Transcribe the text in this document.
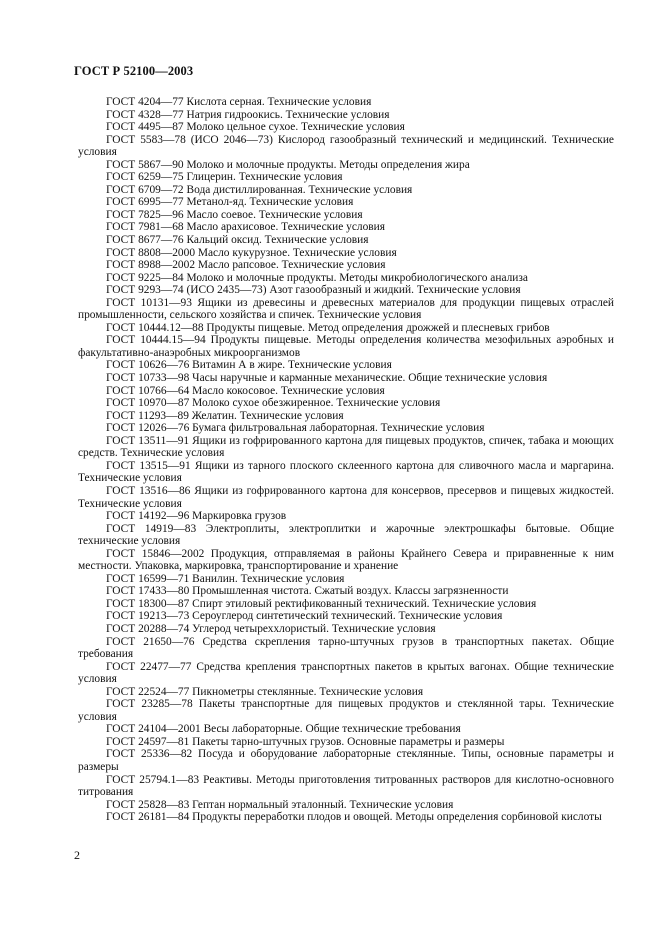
ГОСТ Р 52100—2003

ГОСТ 4204—77 Кислота серная. Технические условия

ГОСТ 4328—77 Натрия гидроокись. Технические условия

ГОСТ 4495—87 Молоко цельное сухое. Технические условия

ГОСТ 5583—78 (ИСО 2046—73) Кислород газообразный технический и медицинский. Технические условия

ГОСТ 5867—90 Молоко и молочные продукты. Методы определения жира

ГОСТ 6259—75 Глицерин. Технические условия

ГОСТ 6709—72 Вода дистиллированная. Технические условия

ГОСТ 6995—77 Метанол-яд. Технические условия

ГОСТ 7825—96 Масло соевое. Технические условия

ГОСТ 7981—68 Масло арахисовое. Технические условия

ГОСТ 8677—76 Кальций оксид. Технические условия

ГОСТ 8808—2000 Масло кукурузное. Технические условия

ГОСТ 8988—2002 Масло рапсовое. Технические условия

ГОСТ 9225—84 Молоко и молочные продукты. Методы микробиологического анализа

ГОСТ 9293—74 (ИСО 2435—73) Азот газообразный и жидкий. Технические условия

ГОСТ 10131—93 Ящики из древесины и древесных материалов для продукции пищевых отраслей промышленности, сельского хозяйства и спичек. Технические условия

ГОСТ 10444.12—88 Продукты пищевые. Метод определения дрожжей и плесневых грибов

ГОСТ 10444.15—94 Продукты пищевые. Методы определения количества мезофильных аэробных и факультативно-анаэробных микроорганизмов

ГОСТ 10626—76 Витамин А в жире. Технические условия

ГОСТ 10733—98 Часы наручные и карманные механические. Общие технические условия

ГОСТ 10766—64 Масло кокосовое. Технические условия

ГОСТ 10970—87 Молоко сухое обезжиренное. Технические условия

ГОСТ 11293—89 Желатин. Технические условия

ГОСТ 12026—76 Бумага фильтровальная лабораторная. Технические условия

ГОСТ 13511—91 Ящики из гофрированного картона для пищевых продуктов, спичек, табака и моющих средств. Технические условия

ГОСТ 13515—91 Ящики из тарного плоского склеенного картона для сливочного масла и маргарина. Технические условия

ГОСТ 13516—86 Ящики из гофрированного картона для консервов, пресервов и пищевых жидкостей. Технические условия

ГОСТ 14192—96 Маркировка грузов

ГОСТ 14919—83 Электроплиты, электроплитки и жарочные электрошкафы бытовые. Общие технические условия

ГОСТ 15846—2002 Продукция, отправляемая в районы Крайнего Севера и приравненные к ним местности. Упаковка, маркировка, транспортирование и хранение

ГОСТ 16599—71 Ванилин. Технические условия

ГОСТ 17433—80 Промышленная чистота. Сжатый воздух. Классы загрязненности

ГОСТ 18300—87 Спирт этиловый ректификованный технический. Технические условия

ГОСТ 19213—73 Сероуглерод синтетический технический. Технические условия

ГОСТ 20288—74 Углерод четыреххлористый. Технические условия

ГОСТ 21650—76 Средства скрепления тарно-штучных грузов в транспортных пакетах. Общие требования

ГОСТ 22477—77 Средства крепления транспортных пакетов в крытых вагонах. Общие технические условия

ГОСТ 22524—77 Пикнометры стеклянные. Технические условия

ГОСТ 23285—78 Пакеты транспортные для пищевых продуктов и стеклянной тары. Технические условия

ГОСТ 24104—2001 Весы лабораторные. Общие технические требования

ГОСТ 24597—81 Пакеты тарно-штучных грузов. Основные параметры и размеры

ГОСТ 25336—82 Посуда и оборудование лабораторные стеклянные. Типы, основные параметры и размеры

ГОСТ 25794.1—83 Реактивы. Методы приготовления титрованных растворов для кислотно-основного титрования

ГОСТ 25828—83 Гептан нормальный эталонный. Технические условия

ГОСТ 26181—84 Продукты переработки плодов и овощей. Методы определения сорбиновой кислоты

2
